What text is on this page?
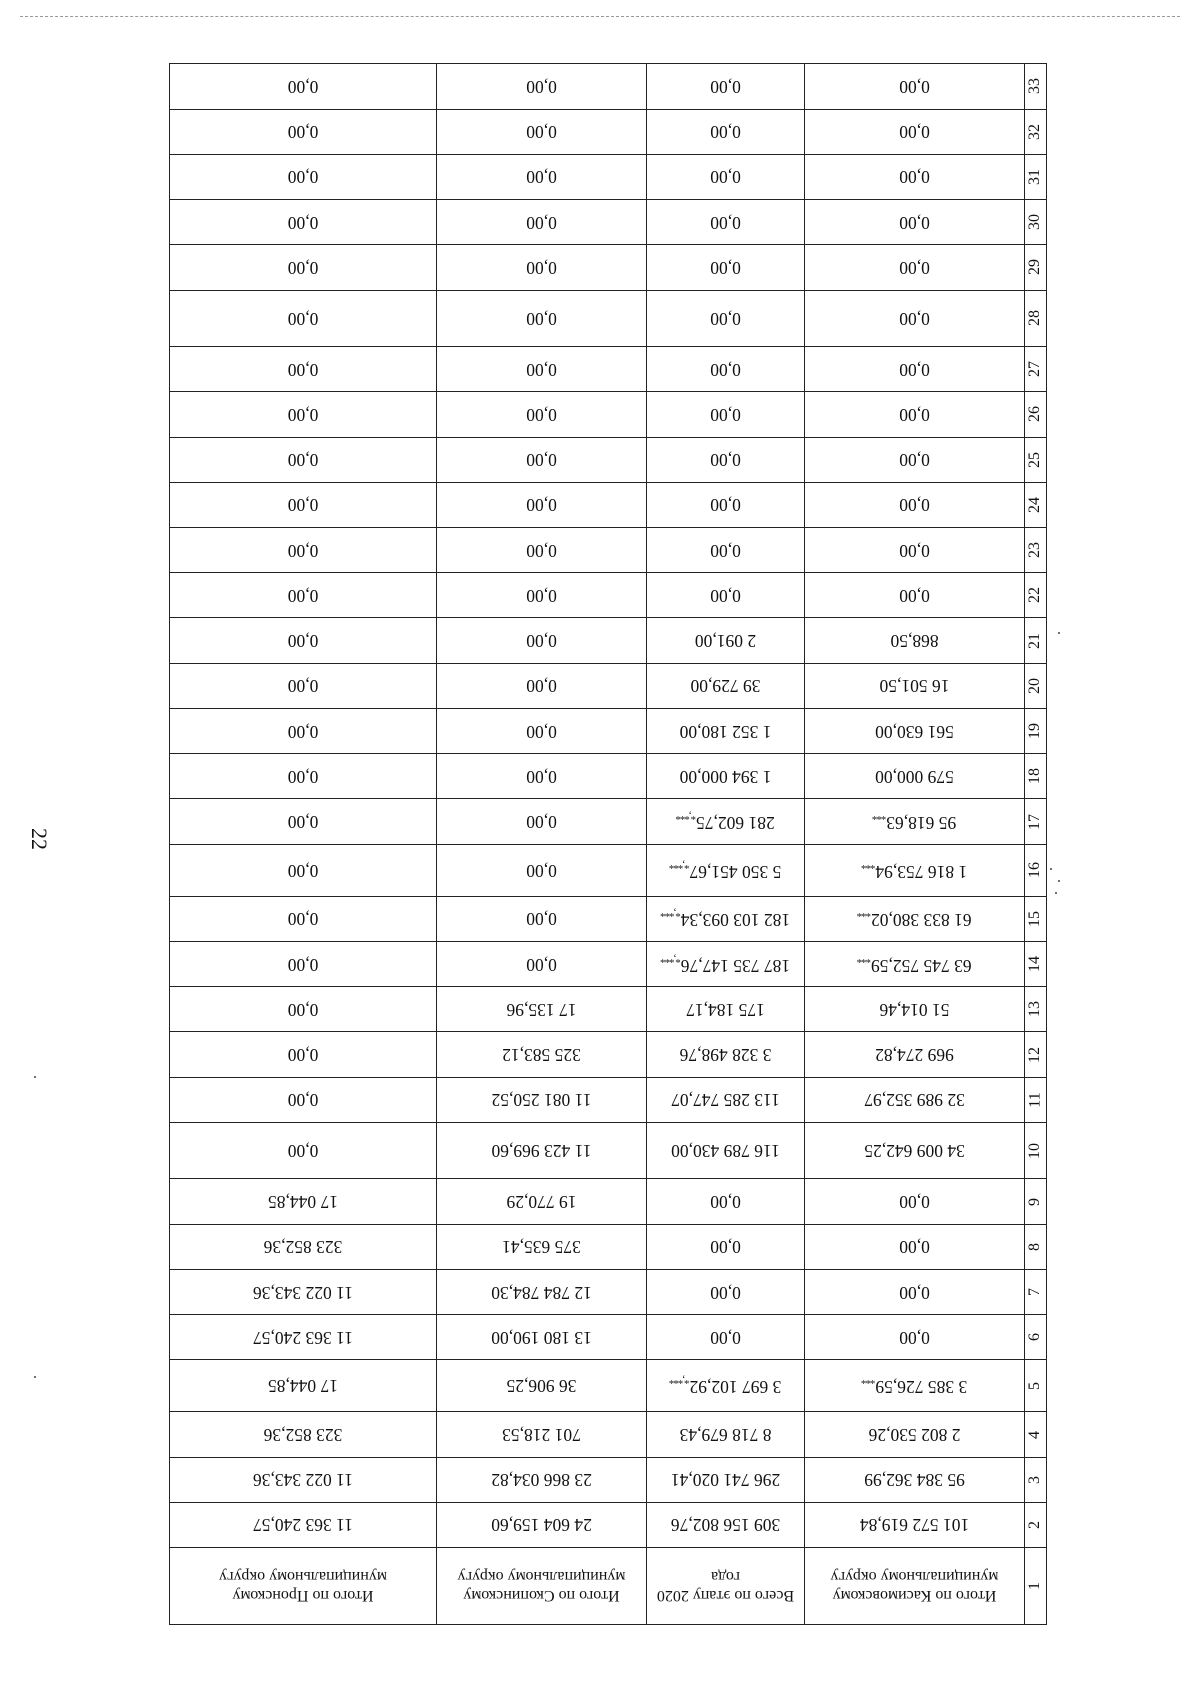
22
1	Итого по Касимовскому муниципальному округу	Всего по этапу 2020 года	Итого по Скопинскому муниципальному округу	Итого по Пронскому муниципальному округу
2	101 572 619,84	309 156 802,76	24 604 159,60	11 363 240,57
3	95 384 362,99	296 741 020,41	23 866 034,82	11 022 343,36
4	2 802 530,26	8 718 679,43	701 218,53	323 852,36
5	3 385 $726,59_{***}$	3 697 $102,92_{*,***}$	36 906,25	17 044,85
6	0,00	0,00	13 180 190,00	11 363 240,57
7	0,00	0,00	12 784 784,30	11 022 343,36
8	0,00	0,00	375 635,41	323 852,36
9	0,00	0,00	19 770,29	17 044,85
10	34 009 642,25	116 789 430,00	11 423 969,60	0,00
11	32 989 352,97	113 285 747,07	11 081 250,52	0,00
12	969 274,82	3 328 498,76	325 583,12	0,00
13	51 014,46	175 184,17	17 135,96	0,00
14	63 745 $752,59_{***}$	187 735 $147,76_{*,***}$	0,00	0,00
15	61 833 $380,02_{***}$	182 103 $093,34_{*,***}$	0,00	0,00
16	1 816 $753,94_{***}$	5 350 $451,67_{*,***}$	0,00	0,00
17	95 $618,63_{***}$	281 $602,75_{*,***}$	0,00	0,00
18	579 000,00	1 394 000,00	0,00	0,00
19	561 630,00	1 352 180,00	0,00	0,00
20	16 501,50	39 729,00	0,00	0,00
21	868,50	2 091,00	0,00	0,00
22	0,00	0,00	0,00	0,00
23	0,00	0,00	0,00	0,00
24	0,00	0,00	0,00	0,00
25	0,00	0,00	0,00	0,00
26	0,00	0,00	0,00	0,00
27	0,00	0,00	0,00	0,00
28	0,00	0,00	0,00	0,00
29	0,00	0,00	0,00	0,00
30	0,00	0,00	0,00	0,00
31	0,00	0,00	0,00	0,00
32	0,00	0,00	0,00	0,00
33	0,00	0,00	0,00	0,00
